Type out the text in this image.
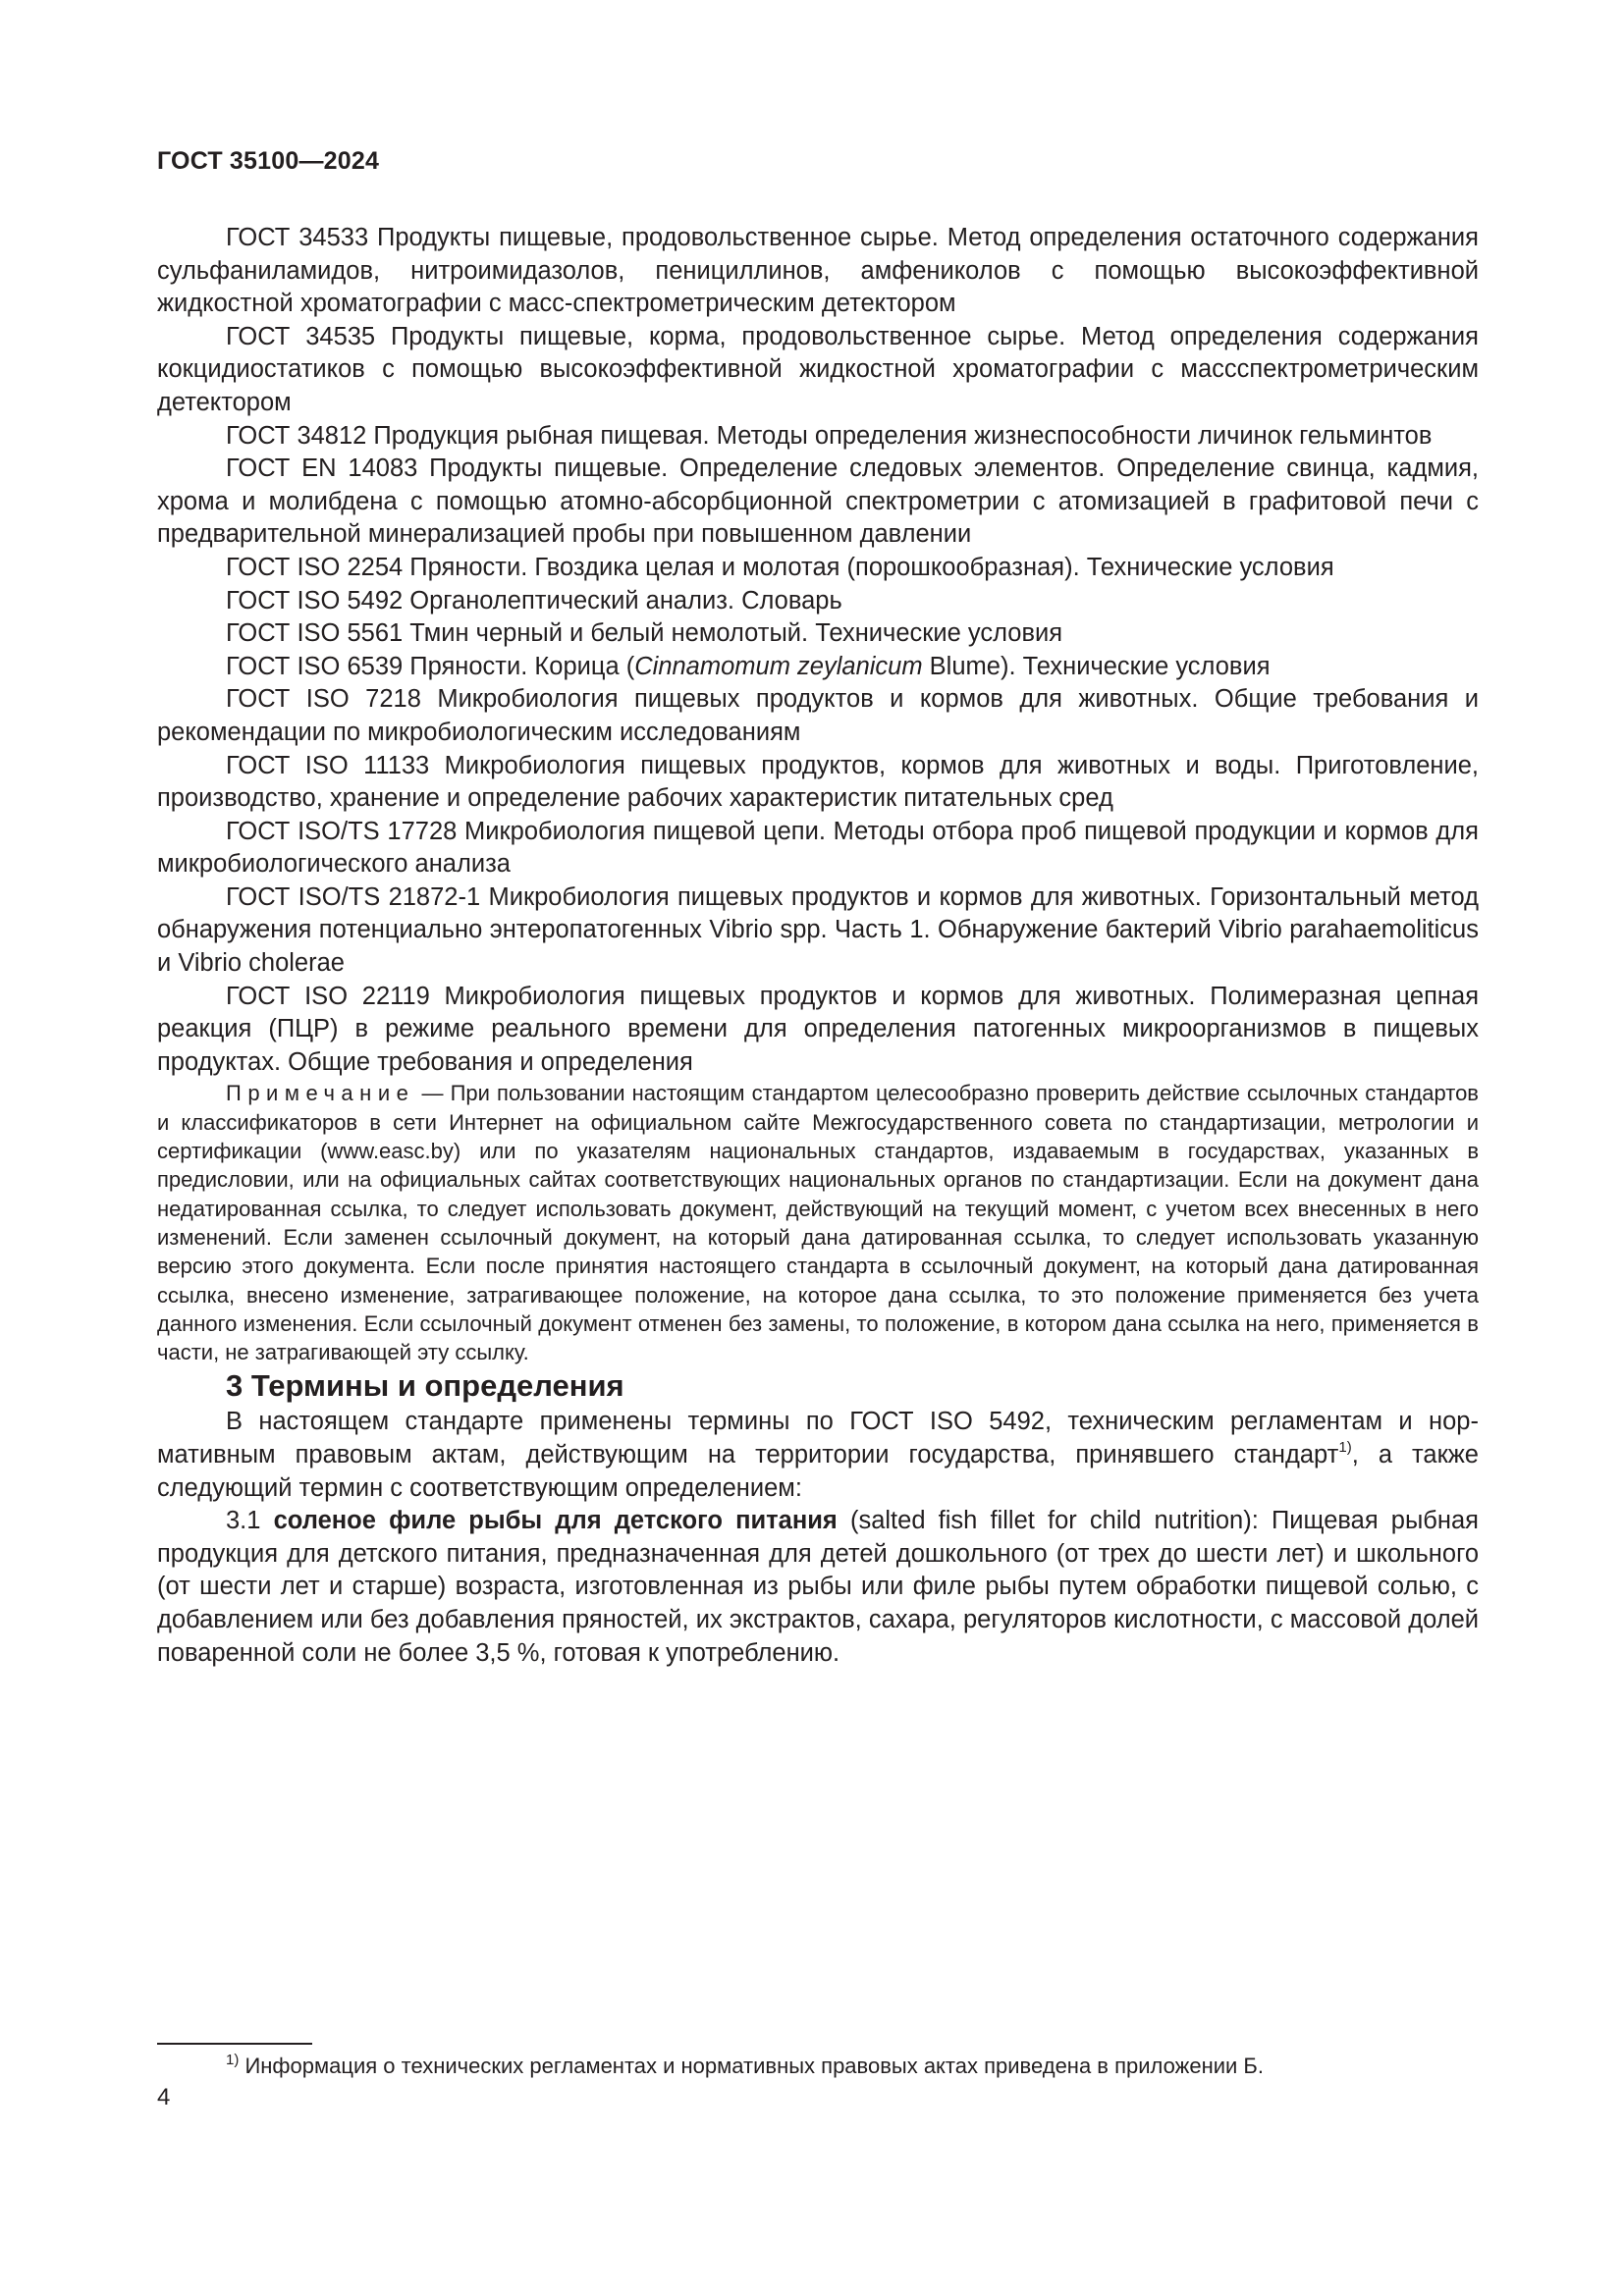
ГОСТ 35100—2024

ГОСТ 34533 Продукты пищевые, продовольственное сырье. Метод определения остаточного содержания сульфаниламидов, нитроимидазолов, пенициллинов, амфениколов с помощью высокоэффективной жидкостной хроматографии с масс-спектрометрическим детектором

ГОСТ 34535 Продукты пищевые, корма, продовольственное сырье. Метод определения содержания кокцидиостатиков с помощью высокоэффективной жидкостной хроматографии с массспектрометрическим детектором

ГОСТ 34812 Продукция рыбная пищевая. Методы определения жизнеспособности личинок гельминтов

ГОСТ EN 14083 Продукты пищевые. Определение следовых элементов. Определение свинца, кадмия, хрома и молибдена с помощью атомно-абсорбционной спектрометрии с атомизацией в графитовой печи с предварительной минерализацией пробы при повышенном давлении

ГОСТ ISO 2254 Пряности. Гвоздика целая и молотая (порошкообразная). Технические условия

ГОСТ ISO 5492 Органолептический анализ. Словарь

ГОСТ ISO 5561 Тмин черный и белый немолотый. Технические условия

ГОСТ ISO 6539 Пряности. Корица (Cinnamomum zeylanicum Blume). Технические условия

ГОСТ ISO 7218 Микробиология пищевых продуктов и кормов для животных. Общие требования и рекомендации по микробиологическим исследованиям

ГОСТ ISO 11133 Микробиология пищевых продуктов, кормов для животных и воды. Приготовление, производство, хранение и определение рабочих характеристик питательных сред

ГОСТ ISO/TS 17728 Микробиология пищевой цепи. Методы отбора проб пищевой продукции и кормов для микробиологического анализа

ГОСТ ISO/TS 21872-1 Микробиология пищевых продуктов и кормов для животных. Горизонтальный метод обнаружения потенциально энтеропатогенных Vibrio spp. Часть 1. Обнаружение бактерий Vibrio parahaemoliticus и Vibrio cholerae

ГОСТ ISO 22119 Микробиология пищевых продуктов и кормов для животных. Полимеразная цепная реакция (ПЦР) в режиме реального времени для определения патогенных микроорганизмов в пищевых продуктах. Общие требования и определения

Примечание — При пользовании настоящим стандартом целесообразно проверить действие ссылочных стандартов и классификаторов в сети Интернет на официальном сайте Межгосударственного совета по стандартизации, метрологии и сертификации (www.easc.by) или по указателям национальных стандартов, издаваемым в государствах, указанных в предисловии, или на официальных сайтах соответствующих национальных органов по стандартизации. Если на документ дана недатированная ссылка, то следует использовать документ, действующий на текущий момент, с учетом всех внесенных в него изменений. Если заменен ссылочный документ, на который дана датированная ссылка, то следует использовать указанную версию этого документа. Если после принятия настоящего стандарта в ссылочный документ, на который дана датированная ссылка, внесено изменение, затрагивающее положение, на которое дана ссылка, то это положение применяется без учета данного изменения. Если ссылочный документ отменен без замены, то положение, в котором дана ссылка на него, применяется в части, не затрагивающей эту ссылку.

3 Термины и определения

В настоящем стандарте применены термины по ГОСТ ISO 5492, техническим регламентам и нормативным правовым актам, действующим на территории государства, принявшего стандарт$^{1)}$, а также следующий термин с соответствующим определением:

3.1 соленое филе рыбы для детского питания (salted fish fillet for child nutrition): Пищевая рыбная продукция для детского питания, предназначенная для детей дошкольного (от трех до шести лет) и школьного (от шести лет и старше) возраста, изготовленная из рыбы или филе рыбы путем обработки пищевой солью, с добавлением или без добавления пряностей, их экстрактов, сахара, регуляторов кислотности, с массовой долей поваренной соли не более 3,5 %, готовая к употреблению.

$^{1)}$ Информация о технических регламентах и нормативных правовых актах приведена в приложении Б.
4
